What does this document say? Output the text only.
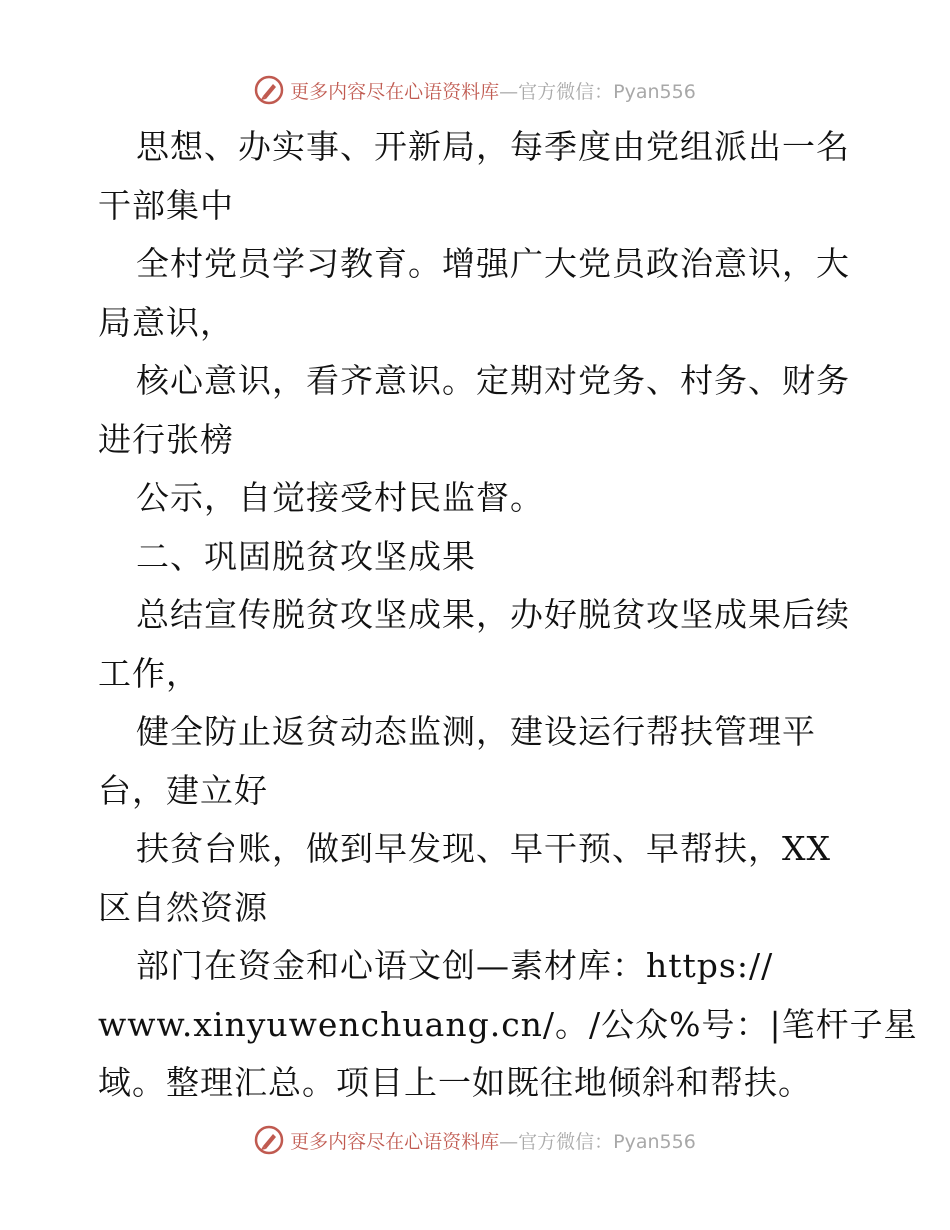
更多内容尽在心语资料库—官方微信：Pyan556
思想、办实事、开新局，每季度由党组派出一名
干部集中
全村党员学习教育。增强广大党员政治意识，大
局意识，
核心意识，看齐意识。定期对党务、村务、财务
进行张榜
公示，自觉接受村民监督。
二、巩固脱贫攻坚成果
总结宣传脱贫攻坚成果，办好脱贫攻坚成果后续
工作，
健全防止返贫动态监测，建设运行帮扶管理平
台，建立好
扶贫台账，做到早发现、早干预、早帮扶，XX
区自然资源
部门在资金和心语文创—素材库：https://
www.xinyuwenchuang.cn/。/公众%号：|笔杆子星
域。整理汇总。项目上一如既往地倾斜和帮扶。
更多内容尽在心语资料库—官方微信：Pyan556
